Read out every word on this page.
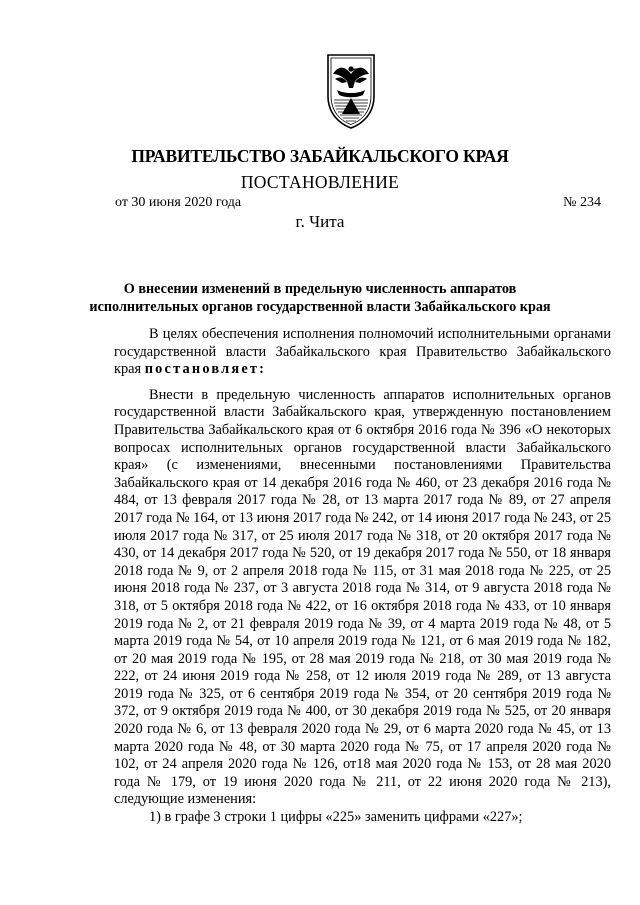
ПРАВИТЕЛЬСТВО ЗАБАЙКАЛЬСКОГО КРАЯ
ПОСТАНОВЛЕНИЕ
от 30 июня 2020 года	№ 234
г. Чита
О внесении изменений в предельную численность аппаратов
исполнительных органов государственной власти Забайкальского края

В целях обеспечения исполнения полномочий исполнительными органами государственной власти Забайкальского края Правительство Забайкальского края постановляет:

Внести в предельную численность аппаратов исполнительных органов государственной власти Забайкальского края, утвержденную постановлением Правительства Забайкальского края от 6 октября 2016 года № 396 «О некоторых вопросах исполнительных органов государственной власти Забайкальского края» (с изменениями, внесенными постановлениями Правительства Забайкальского края от 14 декабря 2016 года № 460, от 23 декабря 2016 года № 484, от 13 февраля 2017 года № 28, от 13 марта 2017 года № 89, от 27 апреля 2017 года № 164, от 13 июня 2017 года № 242, от 14 июня 2017 года № 243, от 25 июля 2017 года № 317, от 25 июля 2017 года № 318, от 20 октября 2017 года № 430, от 14 декабря 2017 года № 520, от 19 декабря 2017 года № 550, от 18 января 2018 года № 9, от 2 апреля 2018 года № 115, от 31 мая 2018 года № 225, от 25 июня 2018 года № 237, от 3 августа 2018 года № 314, от 9 августа 2018 года № 318, от 5 октября 2018 года № 422, от 16 октября 2018 года № 433, от 10 января 2019 года № 2, от 21 февраля 2019 года № 39, от 4 марта 2019 года № 48, от 5 марта 2019 года № 54, от 10 апреля 2019 года № 121, от 6 мая 2019 года № 182, от 20 мая 2019 года № 195, от 28 мая 2019 года № 218, от 30 мая 2019 года № 222, от 24 июня 2019 года № 258, от 12 июля 2019 года № 289, от 13 августа 2019 года № 325, от 6 сентября 2019 года № 354, от 20 сентября 2019 года № 372, от 9 октября 2019 года № 400, от 30 декабря 2019 года № 525, от 20 января 2020 года № 6, от 13 февраля 2020 года № 29, от 6 марта 2020 года № 45, от 13 марта 2020 года № 48, от 30 марта 2020 года № 75, от 17 апреля 2020 года № 102, от 24 апреля 2020 года № 126, от18 мая 2020 года № 153, от 28 мая 2020 года № 179, от 19 июня 2020 года № 211, от 22 июня 2020 года № 213), следующие изменения:

1) в графе 3 строки 1 цифры «225» заменить цифрами «227»;
